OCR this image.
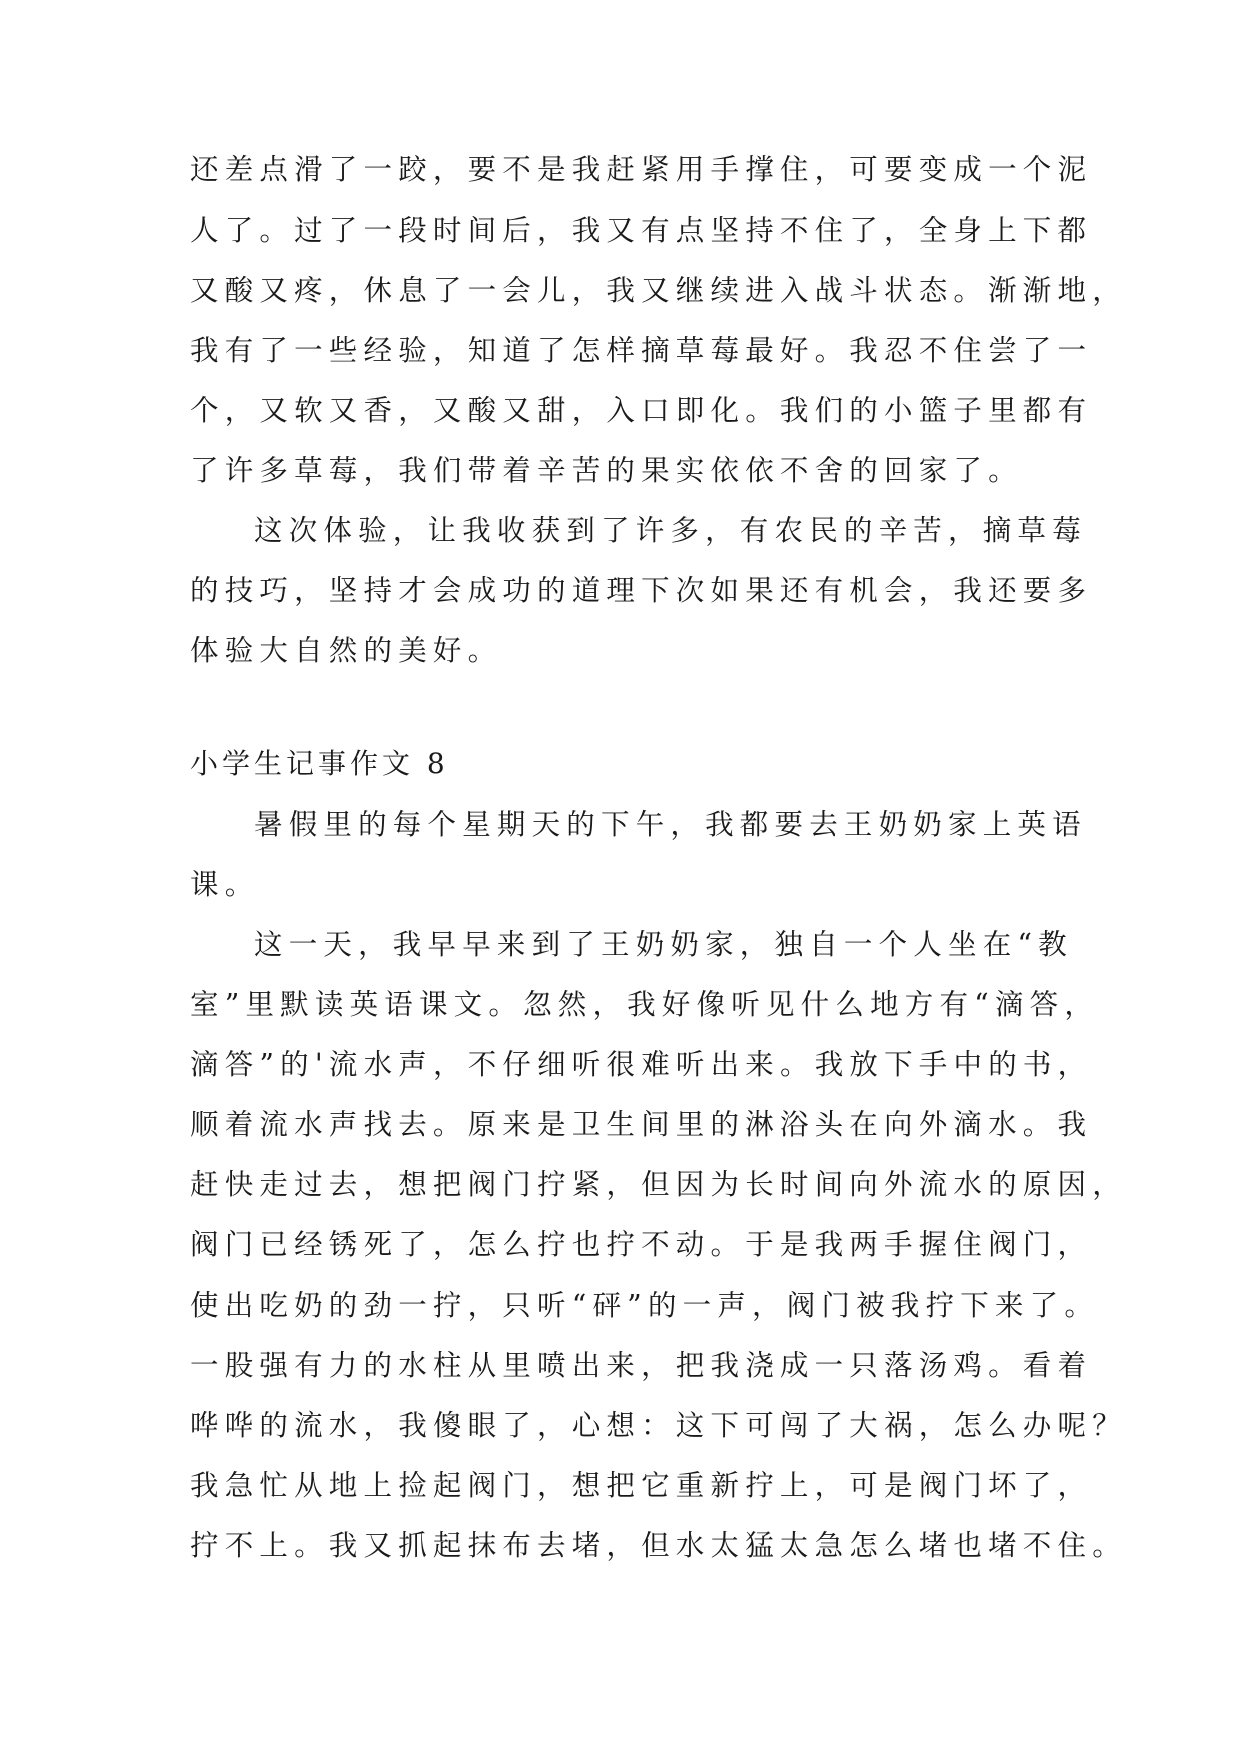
还差点滑了一跤，要不是我赶紧用手撑住，可要变成一个泥
人了。过了一段时间后，我又有点坚持不住了，全身上下都
又酸又疼，休息了一会儿，我又继续进入战斗状态。渐渐地，
我有了一些经验，知道了怎样摘草莓最好。我忍不住尝了一
个，又软又香，又酸又甜，入口即化。我们的小篮子里都有
了许多草莓，我们带着辛苦的果实依依不舍的回家了。
这次体验，让我收获到了许多，有农民的辛苦，摘草莓
的技巧，坚持才会成功的道理下次如果还有机会，我还要多
体验大自然的美好。
小学生记事作文 8
暑假里的每个星期天的下午，我都要去王奶奶家上英语
课。
这一天，我早早来到了王奶奶家，独自一个人坐在“教
室”里默读英语课文。忽然，我好像听见什么地方有“滴答，
滴答”的'流水声，不仔细听很难听出来。我放下手中的书，
顺着流水声找去。原来是卫生间里的淋浴头在向外滴水。我
赶快走过去，想把阀门拧紧，但因为长时间向外流水的原因，
阀门已经锈死了，怎么拧也拧不动。于是我两手握住阀门，
使出吃奶的劲一拧，只听“砰”的一声，阀门被我拧下来了。
一股强有力的水柱从里喷出来，把我浇成一只落汤鸡。看着
哗哗的流水，我傻眼了，心想：这下可闯了大祸，怎么办呢？
我急忙从地上捡起阀门，想把它重新拧上，可是阀门坏了，
拧不上。我又抓起抹布去堵，但水太猛太急怎么堵也堵不住。
